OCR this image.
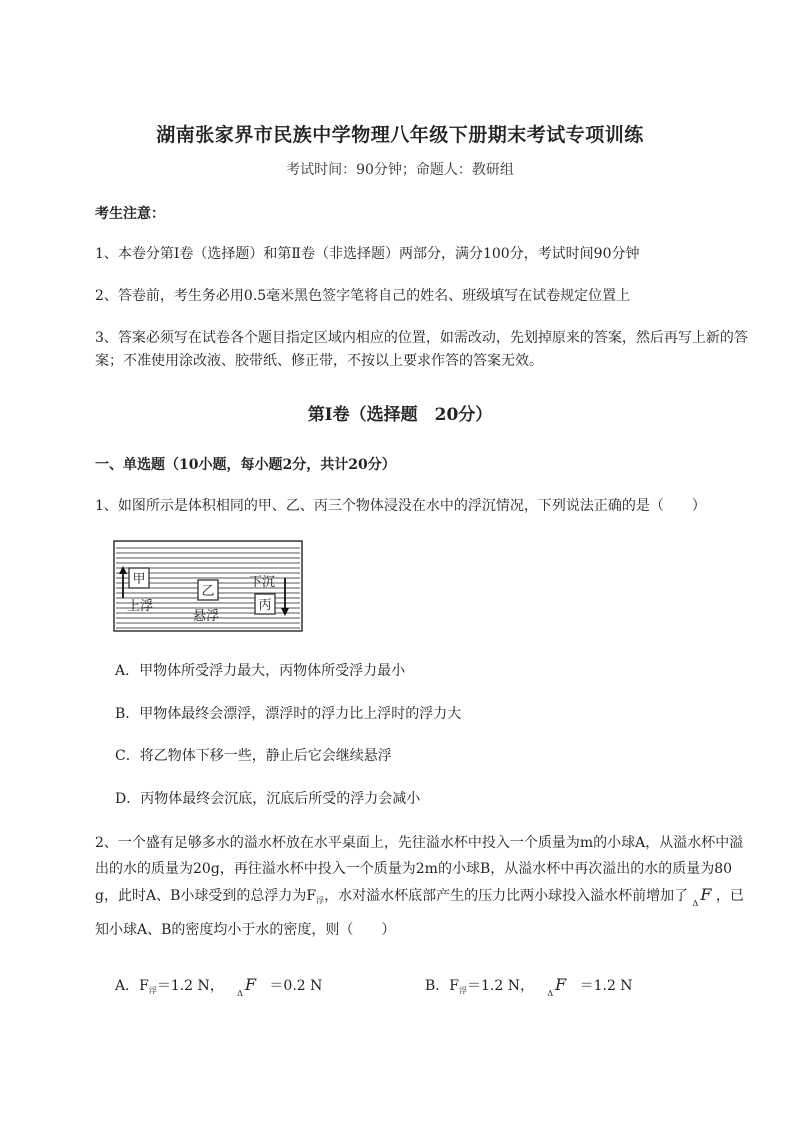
湖南张家界市民族中学物理八年级下册期末考试专项训练
考试时间：90分钟；命题人：教研组
考生注意：
1、本卷分第I卷（选择题）和第Ⅱ卷（非选择题）两部分，满分100分，考试时间90分钟
2、答卷前，考生务必用0.5毫米黑色签字笔将自己的姓名、班级填写在试卷规定位置上
3、答案必须写在试卷各个题目指定区域内相应的位置，如需改动，先划掉原来的答案，然后再写上新的答案；不准使用涂改液、胶带纸、修正带，不按以上要求作答的答案无效。
第I卷（选择题　20分）
一、单选题（10小题，每小题2分，共计20分）
1、如图所示是体积相同的甲、乙、丙三个物体浸没在水中的浮沉情况，下列说法正确的是（　　）
甲
上浮
乙
悬浮
下沉
丙
A．甲物体所受浮力最大，丙物体所受浮力最小
B．甲物体最终会漂浮，漂浮时的浮力比上浮时的浮力大
C．将乙物体下移一些，静止后它会继续悬浮
D．丙物体最终会沉底，沉底后所受的浮力会减小
2、一个盛有足够多水的溢水杯放在水平桌面上，先往溢水杯中投入一个质量为m的小球A，从溢水杯中溢出的水的质量为20g，再往溢水杯中投入一个质量为2m的小球B，从溢水杯中再次溢出的水的质量为80 g，此时A、B小球受到的总浮力为$F_浮$，水对溢水杯底部产生的压力比两小球投入溢水杯前增加了 $_\Delta$ F ，已知小球A、B的密度均小于水的密度，则（　　）
A．$F_浮=1.2$ N， $_\Delta$ F ＝0.2 N	B．$F_浮=1.2$ N， $_\Delta$ F ＝1.2 N
